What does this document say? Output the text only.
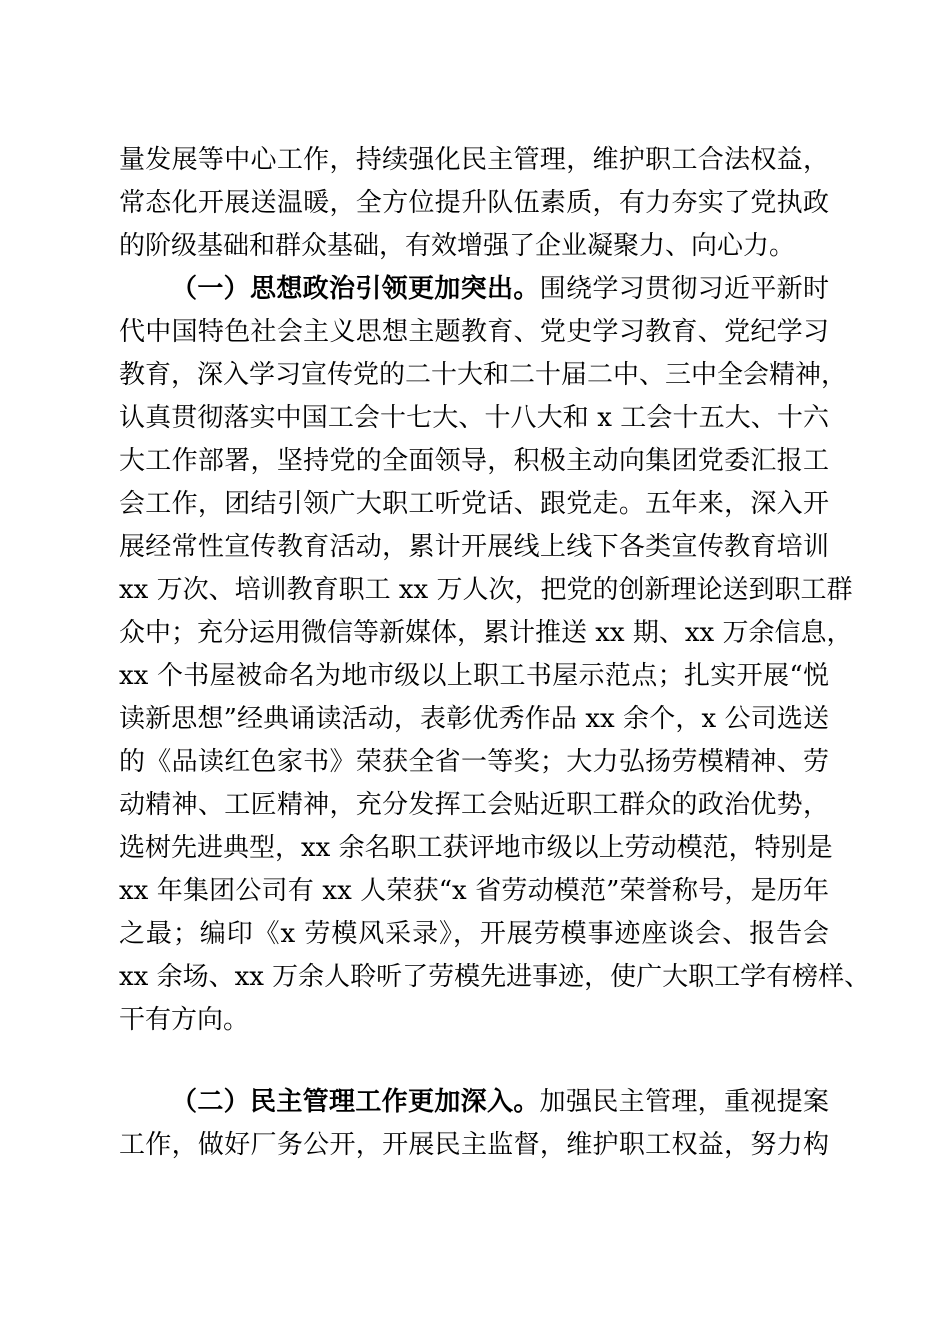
量发展等中心工作，持续强化民主管理，维护职工合法权益，
常态化开展送温暖，全方位提升队伍素质，有力夯实了党执政
的阶级基础和群众基础，有效增强了企业凝聚力、向心力。
（一）思想政治引领更加突出。围绕学习贯彻习近平新时
代中国特色社会主义思想主题教育、党史学习教育、党纪学习
教育，深入学习宣传党的二十大和二十届二中、三中全会精神，
认真贯彻落实中国工会十七大、十八大和 x 工会十五大、十六
大工作部署，坚持党的全面领导，积极主动向集团党委汇报工
会工作，团结引领广大职工听党话、跟党走。五年来，深入开
展经常性宣传教育活动，累计开展线上线下各类宣传教育培训
xx 万次、培训教育职工 xx 万人次，把党的创新理论送到职工群
众中；充分运用微信等新媒体，累计推送 xx 期、xx 万余信息，
xx 个书屋被命名为地市级以上职工书屋示范点；扎实开展“悦
读新思想”经典诵读活动，表彰优秀作品 xx 余个，x 公司选送
的《品读红色家书》荣获全省一等奖；大力弘扬劳模精神、劳
动精神、工匠精神，充分发挥工会贴近职工群众的政治优势，
选树先进典型，xx 余名职工获评地市级以上劳动模范，特别是
xx 年集团公司有 xx 人荣获“x 省劳动模范”荣誉称号，是历年
之最；编印《x 劳模风采录》，开展劳模事迹座谈会、报告会
xx 余场、xx 万余人聆听了劳模先进事迹，使广大职工学有榜样、
干有方向。
（二）民主管理工作更加深入。加强民主管理，重视提案
工作，做好厂务公开，开展民主监督，维护职工权益，努力构
